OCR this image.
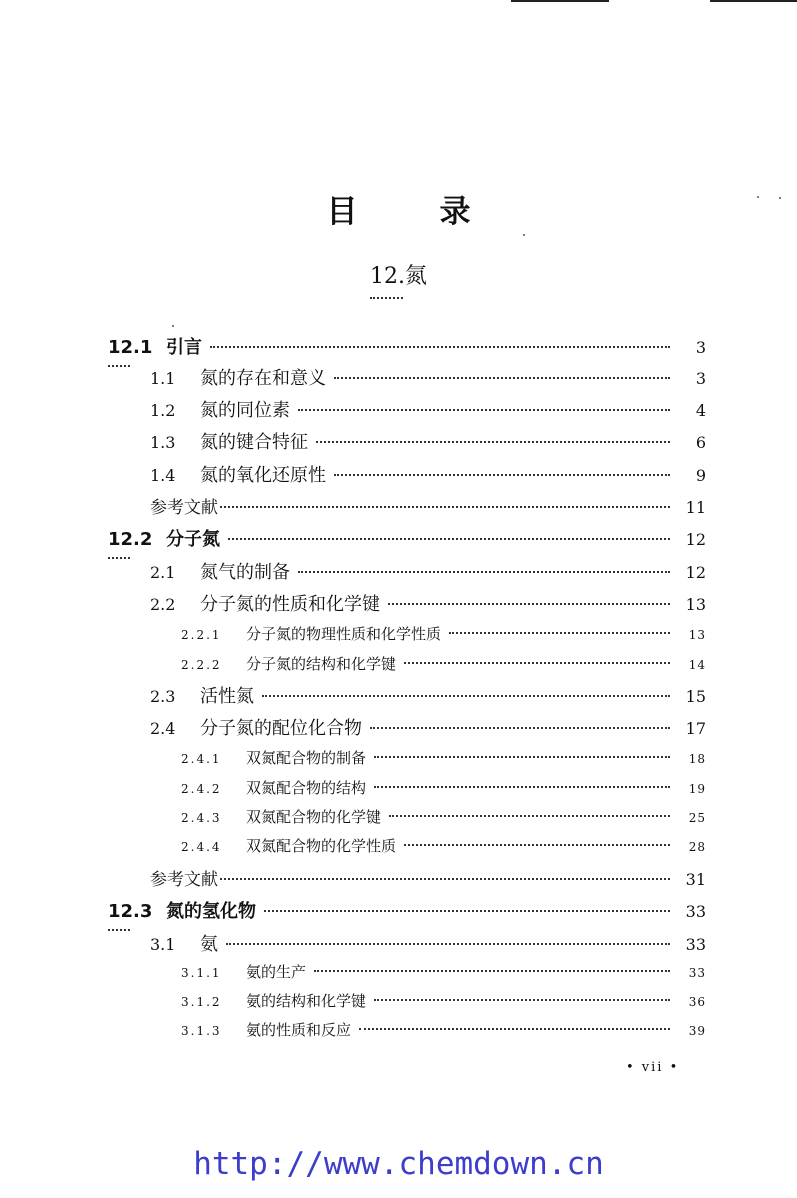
目	录
12.氮
12.1 引言	3
1.1	氮的存在和意义	3
1.2	氮的同位素	4
1.3	氮的键合特征	6
1.4	氮的氧化还原性	9
参考文献	11
12.2 分子氮	12
2.1	氮气的制备	12
2.2	分子氮的性质和化学键	13
2.2.1	分子氮的物理性质和化学性质	13
2.2.2	分子氮的结构和化学键	14
2.3	活性氮	15
2.4	分子氮的配位化合物	17
2.4.1	双氮配合物的制备	18
2.4.2	双氮配合物的结构	19
2.4.3	双氮配合物的化学键	25
2.4.4	双氮配合物的化学性质	28
参考文献	31
12.3 氮的氢化物	33
3.1	氨	33
3.1.1	氨的生产	33
3.1.2	氨的结构和化学键	36
3.1.3	氨的性质和反应	39
• vii •
http://www.chemdown.cn
